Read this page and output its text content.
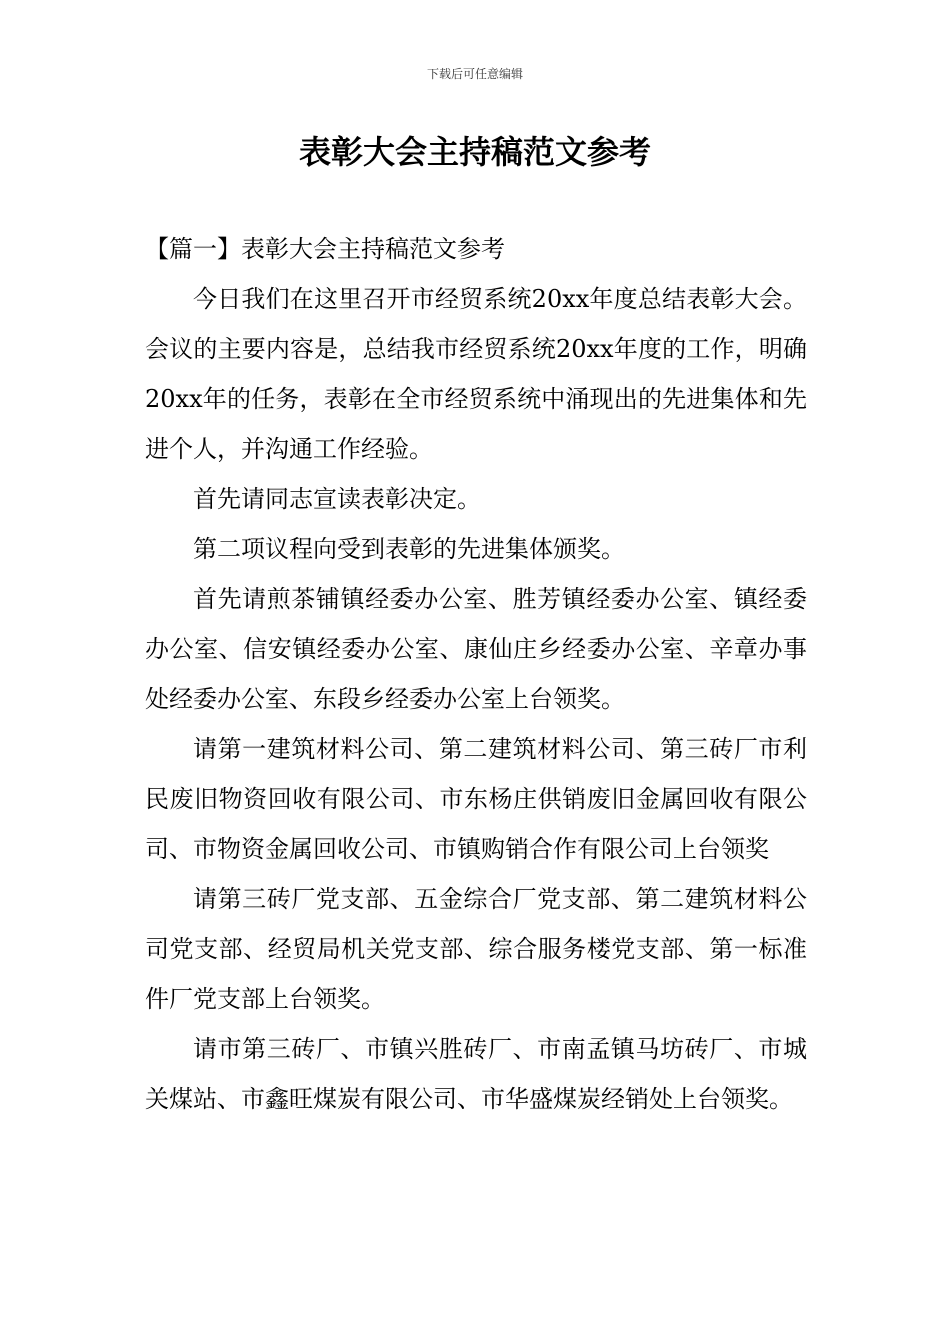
下载后可任意编辑
表彰大会主持稿范文参考
【篇一】表彰大会主持稿范文参考

今日我们在这里召开市经贸系统20xx年度总结表彰大会。会议的主要内容是，总结我市经贸系统20xx年度的工作，明确20xx年的任务，表彰在全市经贸系统中涌现出的先进集体和先进个人，并沟通工作经验。

首先请同志宣读表彰决定。

第二项议程向受到表彰的先进集体颁奖。

首先请煎茶铺镇经委办公室、胜芳镇经委办公室、镇经委办公室、信安镇经委办公室、康仙庄乡经委办公室、辛章办事处经委办公室、东段乡经委办公室上台领奖。

请第一建筑材料公司、第二建筑材料公司、第三砖厂市利民废旧物资回收有限公司、市东杨庄供销废旧金属回收有限公司、市物资金属回收公司、市镇购销合作有限公司上台领奖

请第三砖厂党支部、五金综合厂党支部、第二建筑材料公司党支部、经贸局机关党支部、综合服务楼党支部、第一标准件厂党支部上台领奖。

请市第三砖厂、市镇兴胜砖厂、市南孟镇马坊砖厂、市城关煤站、市鑫旺煤炭有限公司、市华盛煤炭经销处上台领奖。
